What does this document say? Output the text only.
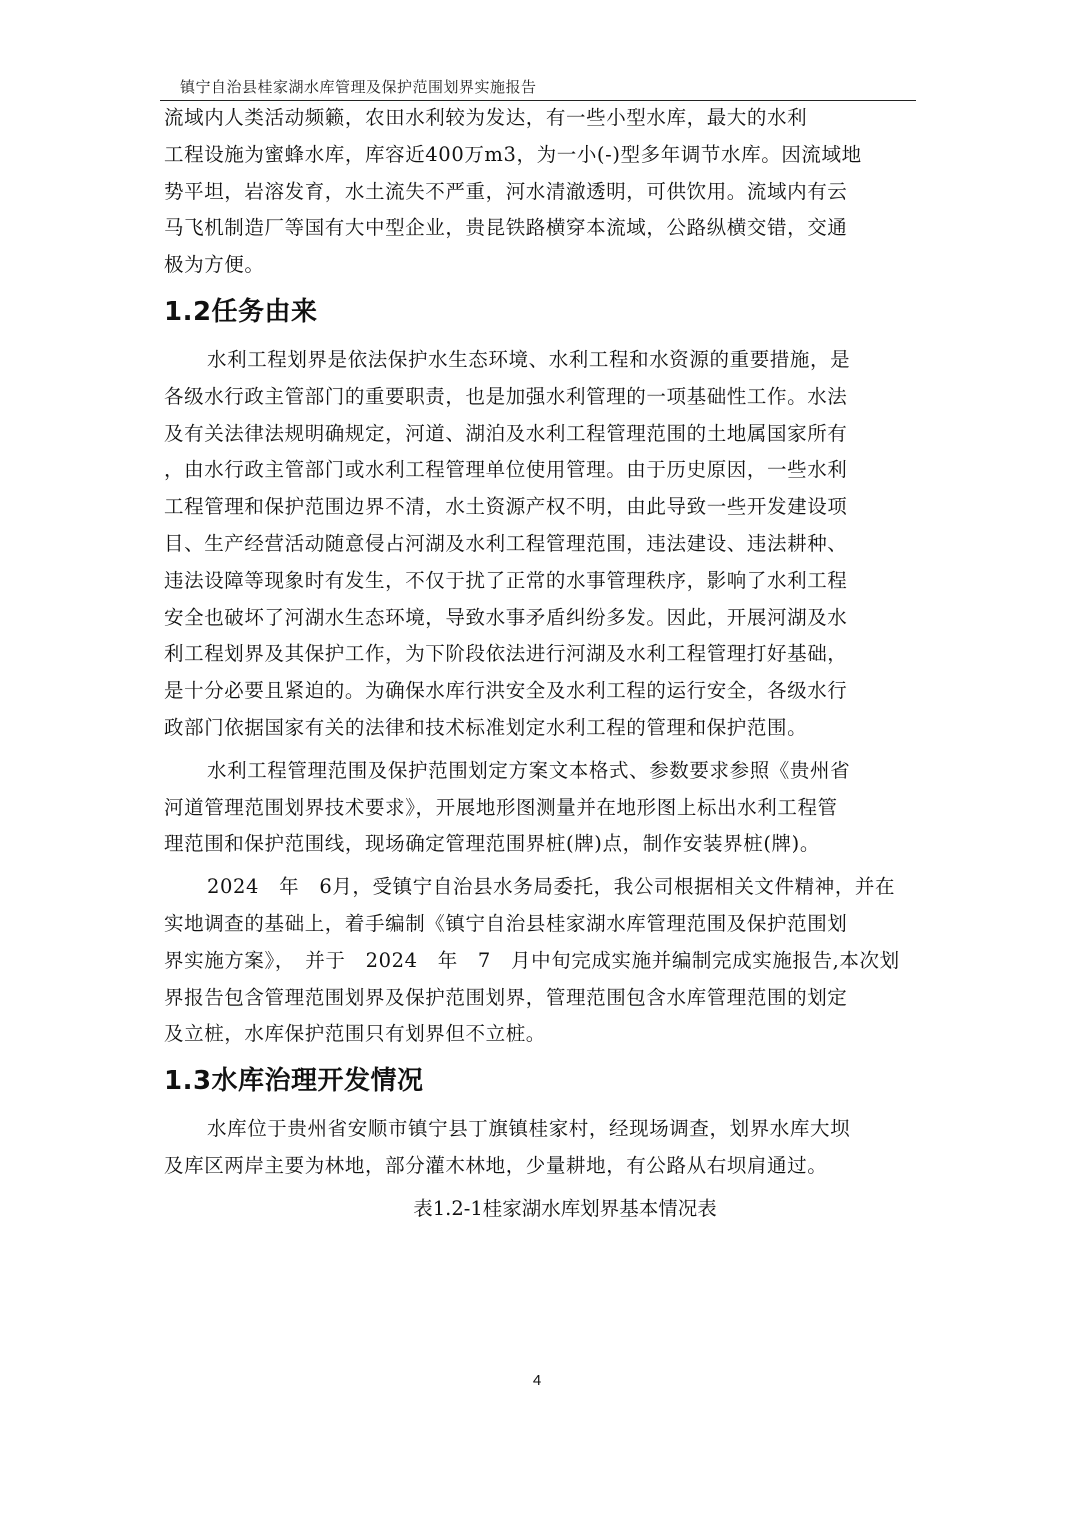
镇宁自治县桂家湖水库管理及保护范围划界实施报告

流域内人类活动频籁，农田水利较为发达，有一些小型水库，最大的水利
工程设施为蜜蜂水库，库容近400万m3，为一小(-)型多年调节水库。因流域地
势平坦，岩溶发育，水土流失不严重，河水清澈透明，可供饮用。流域内有云
马飞机制造厂等国有大中型企业，贵昆铁路横穿本流域，公路纵横交错，交通
极为方便。

1.2任务由来

水利工程划界是依法保护水生态环境、水利工程和水资源的重要措施，是
各级水行政主管部门的重要职责，也是加强水利管理的一项基础性工作。水法
及有关法律法规明确规定，河道、湖泊及水利工程管理范围的土地属国家所有
，由水行政主管部门或水利工程管理单位使用管理。由于历史原因，一些水利
工程管理和保护范围边界不清，水土资源产权不明，由此导致一些开发建设项
目、生产经营活动随意侵占河湖及水利工程管理范围，违法建设、违法耕种、
违法设障等现象时有发生，不仅于扰了正常的水事管理秩序，影响了水利工程
安全也破坏了河湖水生态环境，导致水事矛盾纠纷多发。因此，开展河湖及水
利工程划界及其保护工作，为下阶段依法进行河湖及水利工程管理打好基础，
是十分必要且紧迫的。为确保水库行洪安全及水利工程的运行安全，各级水行
政部门依据国家有关的法律和技术标准划定水利工程的管理和保护范围。

水利工程管理范围及保护范围划定方案文本格式、参数要求参照《贵州省
河道管理范围划界技术要求》，开展地形图测量并在地形图上标出水利工程管
理范围和保护范围线，现场确定管理范围界桩(牌)点，制作安装界桩(牌)。

2024　年　6月，受镇宁自治县水务局委托，我公司根据相关文件精神，并在
实地调查的基础上，着手编制《镇宁自治县桂家湖水库管理范围及保护范围划
界实施方案》，　并于　2024　年　7　月中旬完成实施并编制完成实施报告,本次划
界报告包含管理范围划界及保护范围划界，管理范围包含水库管理范围的划定
及立桩，水库保护范围只有划界但不立桩。

1.3水库治理开发情况

水库位于贵州省安顺市镇宁县丁旗镇桂家村，经现场调查，划界水库大坝
及库区两岸主要为林地，部分灌木林地，少量耕地，有公路从右坝肩通过。

表1.2-1桂家湖水库划界基本情况表

4
